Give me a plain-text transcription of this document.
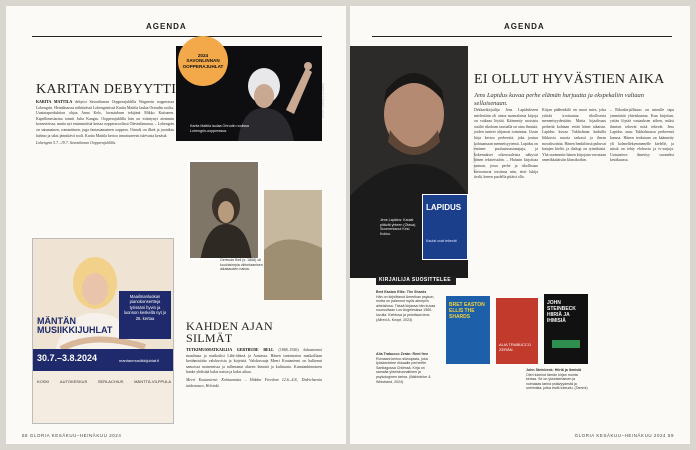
AGENDA
Karita Mattila laulaa Ortrudin roolissa Lohengrin-oopperassa.
KUVA: ANDREA KLEMEK
2024
SAVONLINNAN
OOPPERAJUHLAT
KARITAN DEBYYTTI
KARITA MATTILA debytoi Savonlinnan Oopperajuhlilla Wagnerin oopperassa Lohengrin. Heinäkuussa nähtävässä Lohengrinissä Karita Mattila laulaa Ortrudin roolia. Uusintaproduktion ohjaa Anna Kelo, lavastuksen tekijänä Mikko Kuitunen. Kapellimestarina toimii Juha Kangas. Oopperajuhlilla hän on esiintynyt aiemmin konserteissa, mutta nyt ensimmäistä kertaa oopperaroolissa Olavinlinnassa. – Lohengrin on satumainen, romanttinen, juga fantasiamainen ooppera. Ortrudi on ilkeä ja juonikas hahmo ja siksi jännittävä rooli. Karita Mattila kertoo innostuneesti tulevasta kesästä.
Lohengrin 5.7.–19.7. Savonlinnan Oopperajuhlilla.
MÄNTÄN MUSIIKKIJUHLAT
Maailmanluokan pianokonsertteja tyrissäni hyvin ja luonnon keskellä nyt jo 25. kertaa
30.7.–3.8.2024	mantanmusiikkijuhlat.fi
KOSKI	AUTOKESKUS	SERLACHIUS	MÄNTTÄ-VILPPULA
Gertrude Bell (s. 1868) oli kuuluisimpia viktoriaanisen aikakauden naisia.
KAHDEN AJAN SILMÄT
TUTKIMUSMATKAILIJA GERTRUDE BELL (1868–1926) dokumentoi maailmaa ja matkoiksi Lähi-idässä ja Aasiassa. Hänen tuntematon matkoillaan keräämistään valokuvista ja kirjeistä. Valokuvaaja Meeri Koutaniemi on kulkenut samoissa maisemissa ja tallentanut alueen ihmisiä ja kulttuuria. Kunnianhimoinen hanke yhdistää kaksi naista ja kaksi aikaa.
Meeri Koutaniemi: Kohtaamisia – Hidden Freedom 12.6.–4.8., Didrichsenin taidemuseo, Helsinki.
58 GLORIA KESÄKUU–HEINÄKUU 2024
AGENDA
KUVA: STEFAN TELL
LAPIDUS
Kaulat ovat tekevät
Jens Lapidus: Kaulat pitävät yhteen (Otava). Suomentanut Kirsi Kokko.
EI OLLUT HYVÄSTIEN AIKA
Jens Lapidus kuvaa perhe elämän hurjuutta ja ekspekaliin valtaan sellaisenaan.
Dekkarikirjailija Jens Lapidukseen mielestään oli ainoa suomalaisia kirjoja on vaikeaa löytää. Käännetty ruotsista sisältö rikoksen taustalla on aina ihmisiä, joiden tunteet ohjaavat toimintaa. Uusin kirja kertoo perheestä, joka joutuu kohtaamaan menneisyytensä. Lapidus on entinen puolustusasianajaja, ja kokemukset oikeussaleista näkyvät hänen teksteissään. – Halusin kirjoittaa tarinan, jossa perhe ja rikollisuus kietoutuvat toisiinsa niin, ettei lukija tiedä, kenen puolella pitäisi olla.
Kirjan päähenkilö on nuori mies, joka yrittää irrottautua rikollisesta menneisyydestään. Mutta lojaalisuus perhettä kohtaan vetää hänet takaisin. Lapidus kuvaa Tukholman kaduilla liikkuvia nuoria tarkasti ja ilman moralisointia. Hänen henkilönsä puhuvat katujen kieltä, ja dialogi on rytmikästä. Yhä useammin hänen kirjojaan verrataan amerikkalaisiin klassikoihin.
– Rikoskirjallisuus on minulle tapa ymmärtää yhteiskuntaa. Kun kirjoitan, yritän löytää vastauksen siihen, miksi ihmiset tekevät mitä tekevät. Jens Lapidus asuu Tukholmassa perheensä kanssa. Hänen teoksiaan on käännetty yli kolmellekymmenelle kielelle, ja niistä on tehty elokuvia ja tv-sarjoja. Uutuusteos ilmestyy suomeksi kesäkuussa.
KIRJAILIJA SUOSITTELEE
Bret Easton Ellis: The Shards
Hän on kirjoittanut Amerikan psykon, mutta on palannut myös aiempiin aiheisiinsa. Tässä kirjassa hän kuvaa nuoruuttaan Los Angelesissa 1980-luvulla. Kiehtova ja pelottava teos. (Alfred A. Knopf, 2023)
Alia Trabucco Zerán: Rent free
Romaani kertoo siivoojasta, joka työskentelee rikkaalle perheelle Santiagossa Chilessä. Kirja on samalla yhteiskunnallinen ja psykologinen tarina. (Wahlström & Widstrand, 2024)
John Steinbeck: Hiiriä ja ihmisiä
Olen lukenut tämän kirjan monta kertaa. Se on yksinkertainen ja voimakas tarina ystävyydestä ja unelmista, jotka eivät toteudu. (Tammi)
BRET EASTON ELLIS THE SHARDS
ALIA TRABUCCO ZERÁN
JOHN STEINBECK HIIRIÄ JA IHMISIÄ
GLORIA KESÄKUU–HEINÄKUU 2024 59
